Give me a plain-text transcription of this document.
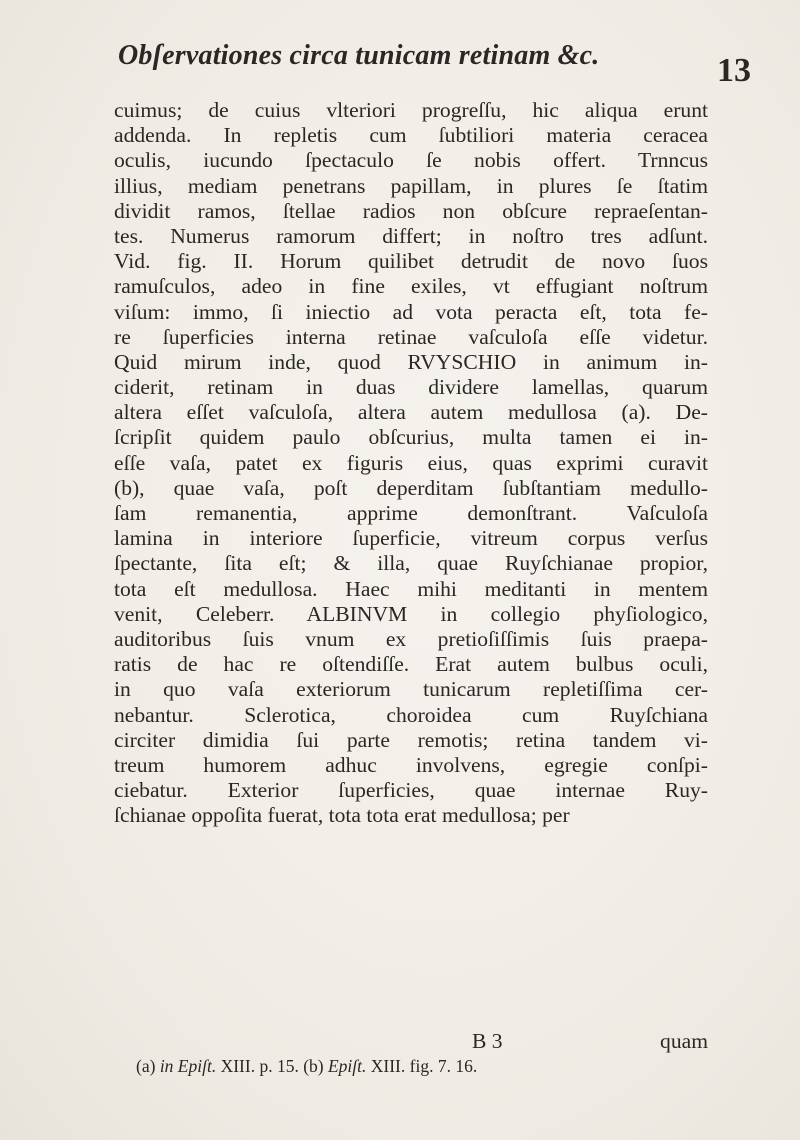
Obſervationes circa tunicam retinam &c.	13
cuimus; de cuius vlteriori progreſſu, hic aliqua erunt
addenda. In repletis cum ſubtiliori materia ceracea
oculis, iucundo ſpectaculo ſe nobis offert. Trnncus
illius, mediam penetrans papillam, in plures ſe ſtatim
dividit ramos, ſtellae radios non obſcure repraeſentan-
tes. Numerus ramorum differt; in noſtro tres adſunt.
Vid. fig. II. Horum quilibet detrudit de novo ſuos
ramuſculos, adeo in fine exiles, vt effugiant noſtrum
viſum: immo, ſi iniectio ad vota peracta eſt, tota fe-
re ſuperficies interna retinae vaſculoſa eſſe videtur.
Quid mirum inde, quod RVYSCHIO in animum in-
ciderit, retinam in duas dividere lamellas, quarum
altera eſſet vaſculoſa, altera autem medullosa (a). De-
ſcripſit quidem paulo obſcurius, multa tamen ei in-
eſſe vaſa, patet ex figuris eius, quas exprimi curavit
(b), quae vaſa, poſt deperditam ſubſtantiam medullo-
ſam remanentia, apprime demonſtrant. Vaſculoſa
lamina in interiore ſuperficie, vitreum corpus verſus
ſpectante, ſita eſt; & illa, quae Ruyſchianae propior,
tota eſt medullosa. Haec mihi meditanti in mentem
venit, Celeberr. ALBINVM in collegio phyſiologico,
auditoribus ſuis vnum ex pretioſiſſimis ſuis praepa-
ratis de hac re oſtendiſſe. Erat autem bulbus oculi,
in quo vaſa exteriorum tunicarum repletiſſima cer-
nebantur. Sclerotica, choroidea cum Ruyſchiana
circiter dimidia ſui parte remotis; retina tandem vi-
treum humorem adhuc involvens, egregie conſpi-
ciebatur. Exterior ſuperficies, quae internae Ruy-
ſchianae oppoſita fuerat, tota tota erat medullosa; per
B 3	quam
(a) in Epiſt. XIII. p. 15. (b) Epiſt. XIII. fig. 7. 16.
